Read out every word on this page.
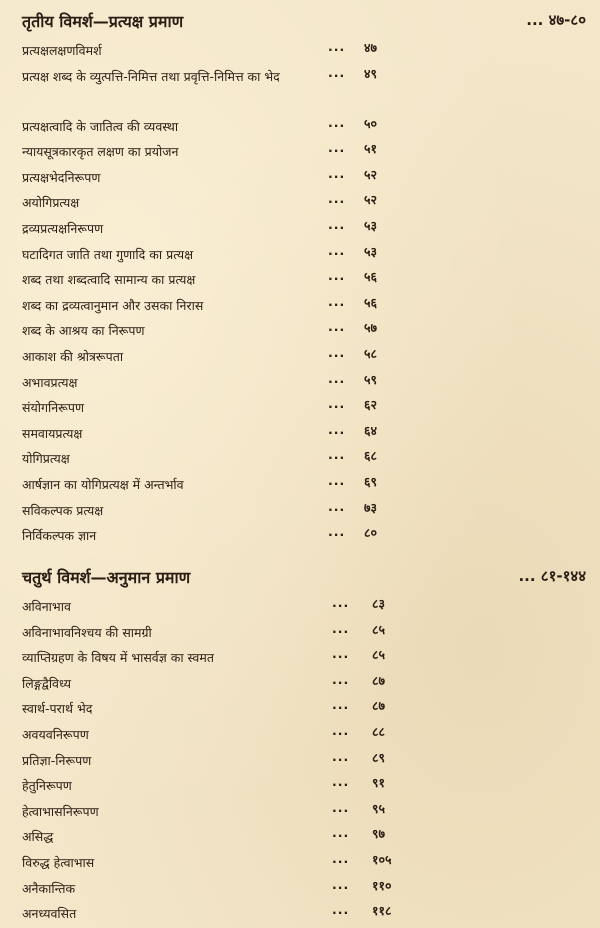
तृतीय विमर्श—प्रत्यक्ष प्रमाण	... ४७-८०
प्रत्यक्षलक्षणविमर्श	... ४७
प्रत्यक्ष शब्द के व्युत्पत्ति-निमित्त तथा प्रवृत्ति-निमित्त का भेद	... ४९
प्रत्यक्षत्वादि के जातित्व की व्यवस्था	... ५०
न्यायसूत्रकारकृत लक्षण का प्रयोजन	... ५१
प्रत्यक्षभेदनिरूपण	... ५२
अयोगिप्रत्यक्ष	... ५२
द्रव्यप्रत्यक्षनिरूपण	... ५३
घटादिगत जाति तथा गुणादि का प्रत्यक्ष	... ५३
शब्द तथा शब्दत्वादि सामान्य का प्रत्यक्ष	... ५६
शब्द का द्रव्यत्वानुमान और उसका निरास	... ५६
शब्द के आश्रय का निरूपण	... ५७
आकाश की श्रोत्ररूपता	... ५८
अभावप्रत्यक्ष	... ५९
संयोगनिरूपण	... ६२
समवायप्रत्यक्ष	... ६४
योगिप्रत्यक्ष	... ६८
आर्षज्ञान का योगिप्रत्यक्ष में अन्तर्भाव	... ६९
सविकल्पक प्रत्यक्ष	... ७३
निर्विकल्पक ज्ञान	... ८०
चतुर्थ विमर्श—अनुमान प्रमाण	... ८१-१४४
अविनाभाव	... ८३
अविनाभावनिश्चय की सामग्री	... ८५
व्याप्तिग्रहण के विषय में भासर्वज्ञ का स्वमत	... ८५
लिङ्गद्वैविध्य	... ८७
स्वार्थ-परार्थ भेद	... ८७
अवयवनिरूपण	... ८८
प्रतिज्ञा-निरूपण	... ८९
हेतुनिरूपण	... ९१
हेत्वाभासनिरूपण	... ९५
असिद्ध	... ९७
विरुद्ध हेत्वाभास	... १०५
अनैकान्तिक	... ११०
अनध्यवसित	... ११८
